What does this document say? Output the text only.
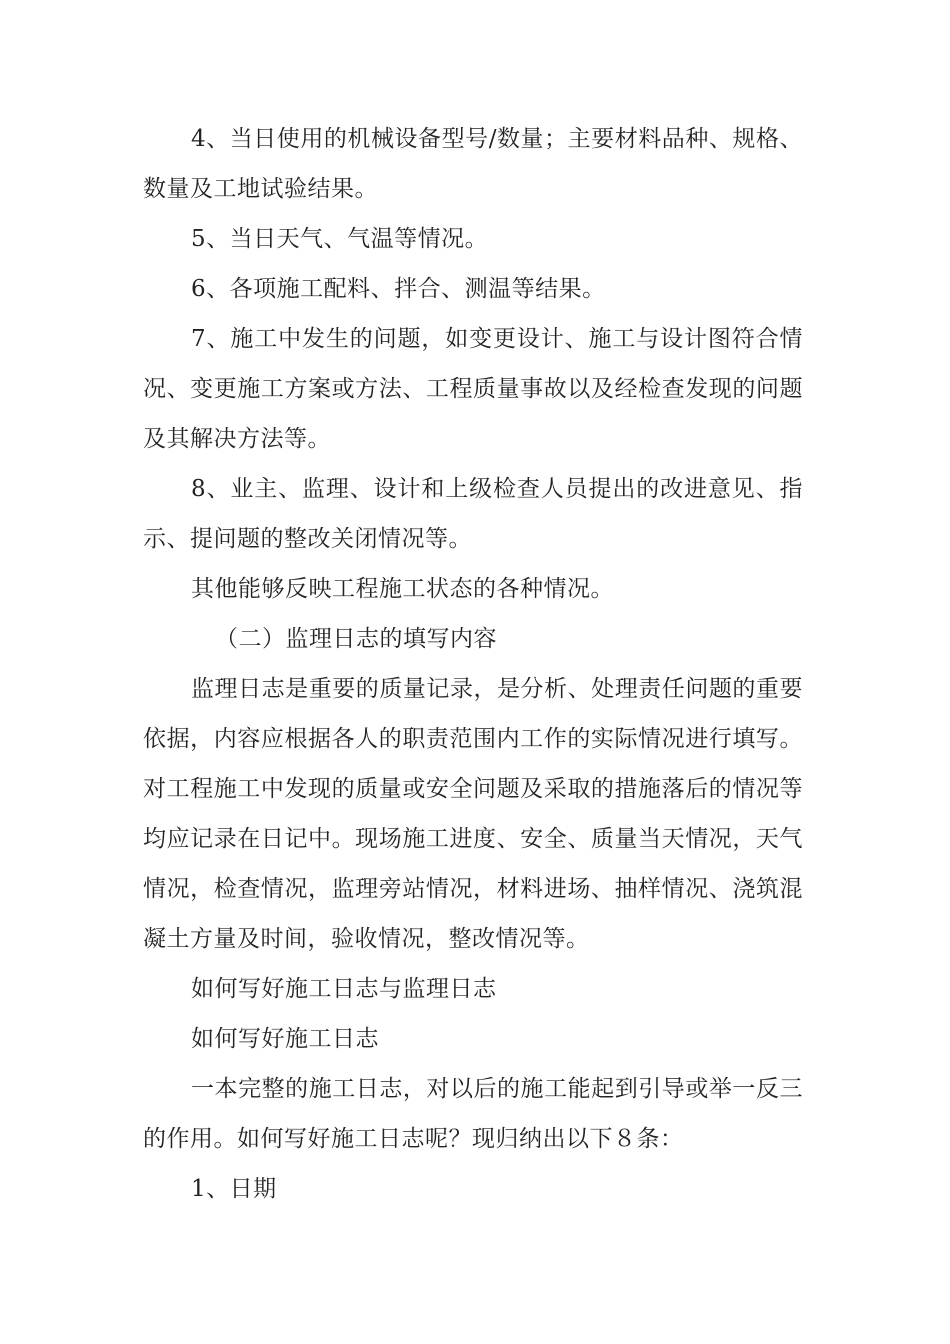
4、当日使用的机械设备型号/数量；主要材料品种、规格、数量及工地试验结果。

5、当日天气、气温等情况。

6、各项施工配料、拌合、测温等结果。

7、施工中发生的问题，如变更设计、施工与设计图符合情况、变更施工方案或方法、工程质量事故以及经检查发现的问题及其解决方法等。

8、业主、监理、设计和上级检查人员提出的改进意见、指示、提问题的整改关闭情况等。

其他能够反映工程施工状态的各种情况。

（二）监理日志的填写内容

监理日志是重要的质量记录，是分析、处理责任问题的重要依据，内容应根据各人的职责范围内工作的实际情况进行填写。对工程施工中发现的质量或安全问题及采取的措施落后的情况等均应记录在日记中。现场施工进度、安全、质量当天情况，天气情况，检查情况，监理旁站情况，材料进场、抽样情况、浇筑混凝土方量及时间，验收情况，整改情况等。

如何写好施工日志与监理日志

如何写好施工日志

一本完整的施工日志，对以后的施工能起到引导或举一反三的作用。如何写好施工日志呢？现归纳出以下８条：

1、日期
